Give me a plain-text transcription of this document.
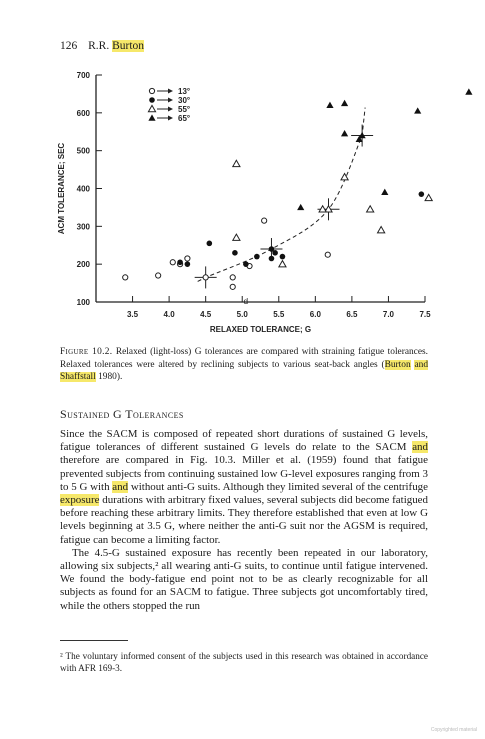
126 R.R. Burton
3.5	4.0	4.5	5.0	5.5	6.0	6.5	7.0	7.5
100
200
300
400
500
600
700
RELAXED TOLERANCE; G
ACM TOLERANCE; SEC
d
13°
30°
55°
65°
Figure 10.2. Relaxed (light-loss) G tolerances are compared with straining fatigue tolerances. Relaxed tolerances were altered by reclining subjects to various seat-back angles (Burton and Shaffstall 1980).
Sustained G Tolerances

Since the SACM is composed of repeated short durations of sustained G levels, fatigue tolerances of different sustained G levels do relate to the SACM and therefore are compared in Fig. 10.3. Miller et al. (1959) found that fatigue prevented subjects from continuing sustained low G-level exposures ranging from 3 to 5 G with and without anti-G suits. Although they limited several of the centrifuge exposure durations with arbitrary fixed values, several subjects did become fatigued before reaching these arbitrary limits. They therefore established that even at low G levels beginning at 3.5 G, where neither the anti-G suit nor the AGSM is required, fatigue can become a limiting factor.

The 4.5-G sustained exposure has recently been repeated in our laboratory, allowing six subjects,² all wearing anti-G suits, to continue until fatigue intervened. We found the body-fatigue end point not to be as clearly recognizable for all subjects as found for an SACM to fatigue. Three subjects got uncomfortably tired, while the others stopped the run

² The voluntary informed consent of the subjects used in this research was obtained in accordance with AFR 169-3.
Copyrighted material
